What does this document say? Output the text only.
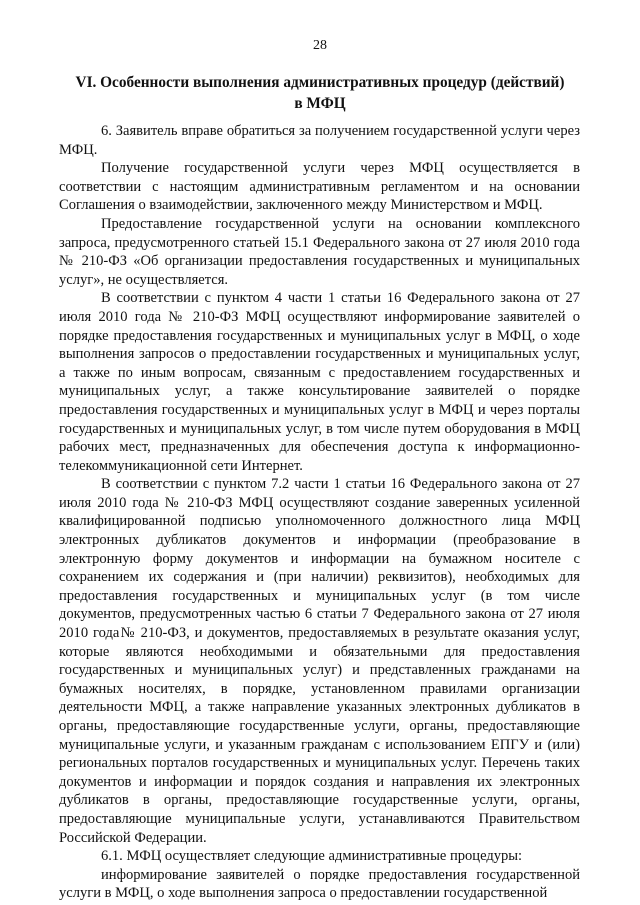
28
VI. Особенности выполнения административных процедур (действий)
в МФЦ

6. Заявитель вправе обратиться за получением государственной услуги через МФЦ.

Получение государственной услуги через МФЦ осуществляется в соответствии с настоящим административным регламентом и на основании Соглашения о взаимодействии, заключенного между Министерством и МФЦ.

Предоставление государственной услуги на основании комплексного запроса, предусмотренного статьей 15.1 Федерального закона от 27 июля 2010 года № 210-ФЗ «Об организации предоставления государственных и муниципальных услуг», не осуществляется.

В соответствии с пунктом 4 части 1 статьи 16 Федерального закона от 27 июля 2010 года № 210-ФЗ МФЦ осуществляют информирование заявителей о порядке предоставления государственных и муниципальных услуг в МФЦ, о ходе выполнения запросов о предоставлении государственных и муниципальных услуг, а также по иным вопросам, связанным с предоставлением государственных и муниципальных услуг, а также консультирование заявителей о порядке предоставления государственных и муниципальных услуг в МФЦ и через порталы государственных и муниципальных услуг, в том числе путем оборудования в МФЦ рабочих мест, предназначенных для обеспечения доступа к информационно-телекоммуникационной сети Интернет.

В соответствии с пунктом 7.2 части 1 статьи 16 Федерального закона от 27 июля 2010 года № 210-ФЗ МФЦ осуществляют создание заверенных усиленной квалифицированной подписью уполномоченного должностного лица МФЦ электронных дубликатов документов и информации (преобразование в электронную форму документов и информации на бумажном носителе с сохранением их содержания и (при наличии) реквизитов), необходимых для предоставления государственных и муниципальных услуг (в том числе документов, предусмотренных частью 6 статьи 7 Федерального закона от 27 июля 2010 года№ 210-ФЗ, и документов, предоставляемых в результате оказания услуг, которые являются необходимыми и обязательными для предоставления государственных и муниципальных услуг) и представленных гражданами на бумажных носителях, в порядке, установленном правилами организации деятельности МФЦ, а также направление указанных электронных дубликатов в органы, предоставляющие государственные услуги, органы, предоставляющие муниципальные услуги, и указанным гражданам с использованием ЕПГУ и (или) региональных порталов государственных и муниципальных услуг. Перечень таких документов и информации и порядок создания и направления их электронных дубликатов в органы, предоставляющие государственные услуги, органы, предоставляющие муниципальные услуги, устанавливаются Правительством Российской Федерации.

6.1. МФЦ осуществляет следующие административные процедуры:

информирование заявителей о порядке предоставления государственной услуги в МФЦ, о ходе выполнения запроса о предоставлении государственной
